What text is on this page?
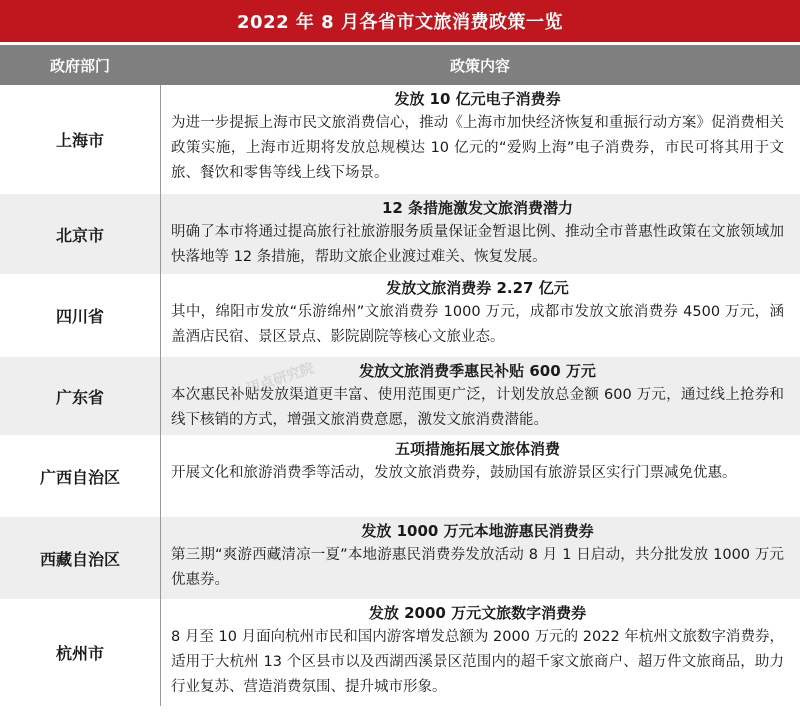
2022 年 8 月各省市文旅消费政策一览
政府部门	政策内容
上海市
发放 10 亿元电子消费券
为进一步提振上海市民文旅消费信心，推动《上海市加快经济恢复和重振行动方案》促消费相关政策实施，上海市近期将发放总规模达 10 亿元的“爱购上海”电子消费券，市民可将其用于文旅、餐饮和零售等线上线下场景。
北京市
12 条措施激发文旅消费潜力
明确了本市将通过提高旅行社旅游服务质量保证金暂退比例、推动全市普惠性政策在文旅领域加快落地等 12 条措施，帮助文旅企业渡过难关、恢复发展。
四川省
发放文旅消费券 2.27 亿元
其中，绵阳市发放“乐游绵州”文旅消费券 1000 万元，成都市发放文旅消费券 4500 万元，涵盖酒店民宿、景区景点、影院剧院等核心文旅业态。
广东省
发放文旅消费季惠民补贴 600 万元
本次惠民补贴发放渠道更丰富、使用范围更广泛，计划发放总金额 600 万元，通过线上抢券和线下核销的方式，增强文旅消费意愿，激发文旅消费潜能。
广西自治区
五项措施拓展文旅体消费
开展文化和旅游消费季等活动，发放文旅消费券，鼓励国有旅游景区实行门票减免优惠。
西藏自治区
发放 1000 万元本地游惠民消费券
第三期“爽游西藏清凉一夏”本地游惠民消费券发放活动 8 月 1 日启动，共分批发放 1000 万元优惠券。
杭州市
发放 2000 万元文旅数字消费券
8 月至 10 月面向杭州市民和国内游客增发总额为 2000 万元的 2022 年杭州文旅数字消费券，适用于大杭州 13 个区县市以及西湖西溪景区范围内的超千家文旅商户、超万件文旅商品，助力行业复苏、营造消费氛围、提升城市形象。
迈点研究院
